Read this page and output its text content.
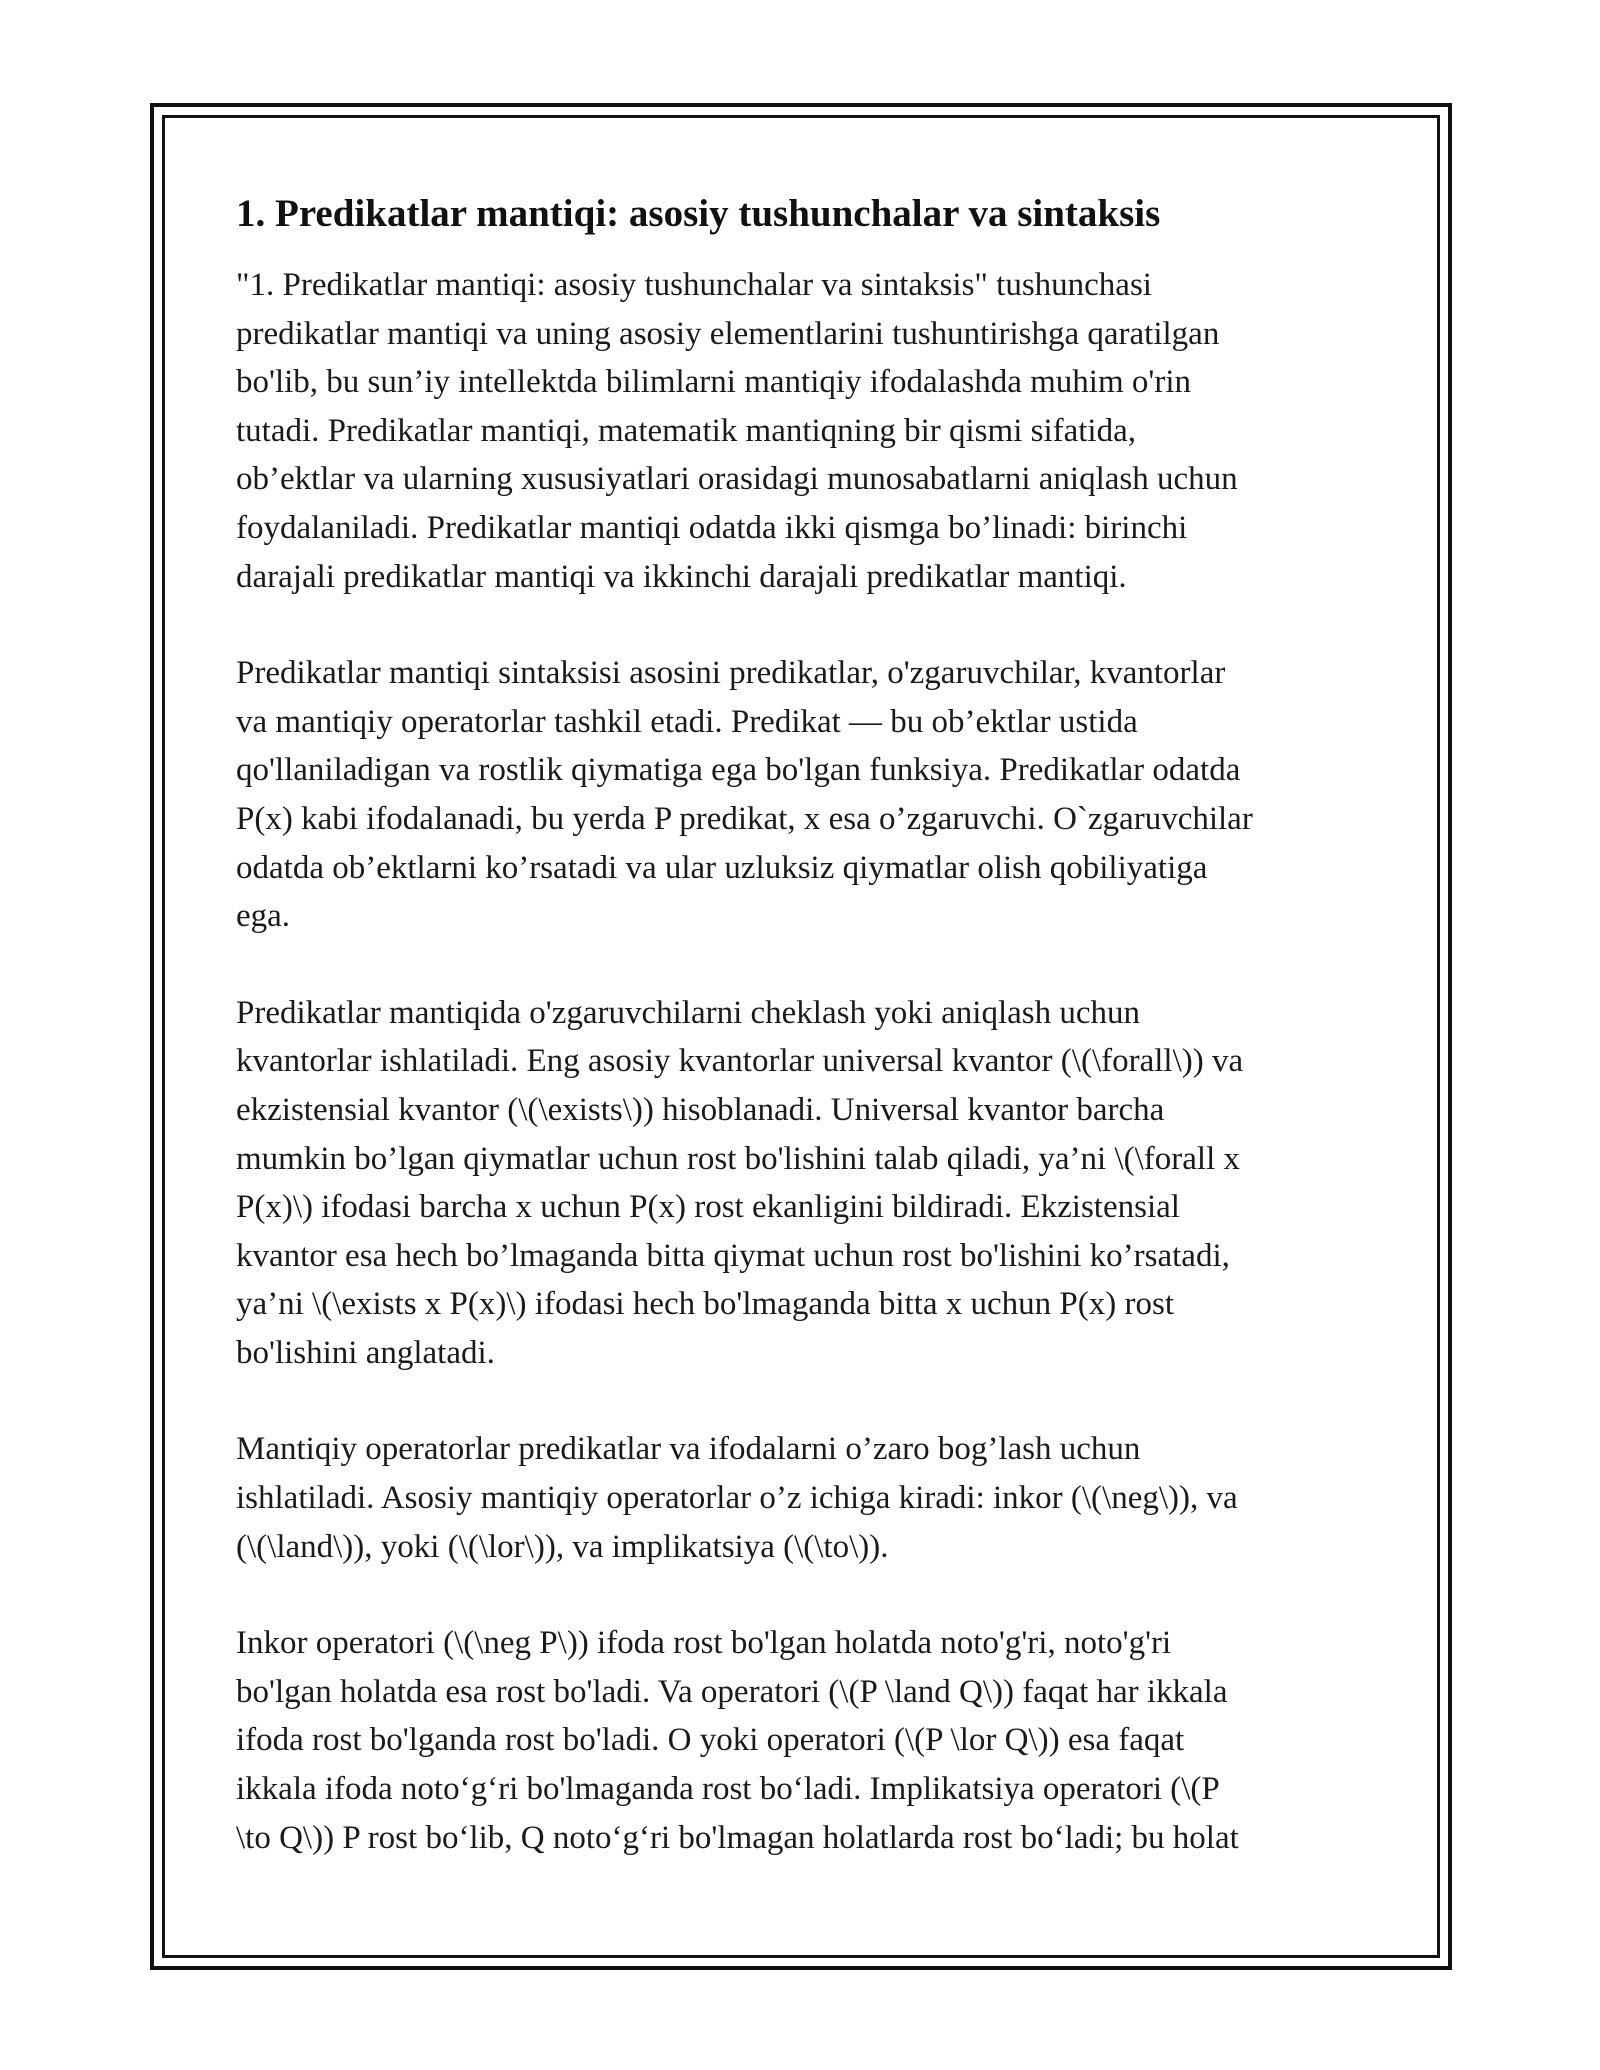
1. Predikatlar mantiqi: asosiy tushunchalar va sintaksis

"1. Predikatlar mantiqi: asosiy tushunchalar va sintaksis" tushunchasi
predikatlar mantiqi va uning asosiy elementlarini tushuntirishga qaratilgan
bo'lib, bu sun’iy intellektda bilimlarni mantiqiy ifodalashda muhim o'rin
tutadi. Predikatlar mantiqi, matematik mantiqning bir qismi sifatida,
ob’ektlar va ularning xususiyatlari orasidagi munosabatlarni aniqlash uchun
foydalaniladi. Predikatlar mantiqi odatda ikki qismga bo’linadi: birinchi
darajali predikatlar mantiqi va ikkinchi darajali predikatlar mantiqi.

Predikatlar mantiqi sintaksisi asosini predikatlar, o'zgaruvchilar, kvantorlar
va mantiqiy operatorlar tashkil etadi. Predikat — bu ob’ektlar ustida
qo'llaniladigan va rostlik qiymatiga ega bo'lgan funksiya. Predikatlar odatda
P(x) kabi ifodalanadi, bu yerda P predikat, x esa o’zgaruvchi. O`zgaruvchilar
odatda ob’ektlarni ko’rsatadi va ular uzluksiz qiymatlar olish qobiliyatiga
ega.

Predikatlar mantiqida o'zgaruvchilarni cheklash yoki aniqlash uchun
kvantorlar ishlatiladi. Eng asosiy kvantorlar universal kvantor (\(\forall\)) va
ekzistensial kvantor (\(\exists\)) hisoblanadi. Universal kvantor barcha
mumkin bo’lgan qiymatlar uchun rost bo'lishini talab qiladi, ya’ni \(\forall x
P(x)\) ifodasi barcha x uchun P(x) rost ekanligini bildiradi. Ekzistensial
kvantor esa hech bo’lmaganda bitta qiymat uchun rost bo'lishini ko’rsatadi,
ya’ni \(\exists x P(x)\) ifodasi hech bo'lmaganda bitta x uchun P(x) rost
bo'lishini anglatadi.

Mantiqiy operatorlar predikatlar va ifodalarni o’zaro bog’lash uchun
ishlatiladi. Asosiy mantiqiy operatorlar o’z ichiga kiradi: inkor (\(\neg\)), va
(\(\land\)), yoki (\(\lor\)), va implikatsiya (\(\to\)).

Inkor operatori (\(\neg P\)) ifoda rost bo'lgan holatda noto'g'ri, noto'g'ri
bo'lgan holatda esa rost bo'ladi. Va operatori (\(P \land Q\)) faqat har ikkala
ifoda rost bo'lganda rost bo'ladi. O yoki operatori (\(P \lor Q\)) esa faqat
ikkala ifoda noto‘g‘ri bo'lmaganda rost bo‘ladi. Implikatsiya operatori (\(P
\to Q\)) P rost bo‘lib, Q noto‘g‘ri bo'lmagan holatlarda rost bo‘ladi; bu holat
